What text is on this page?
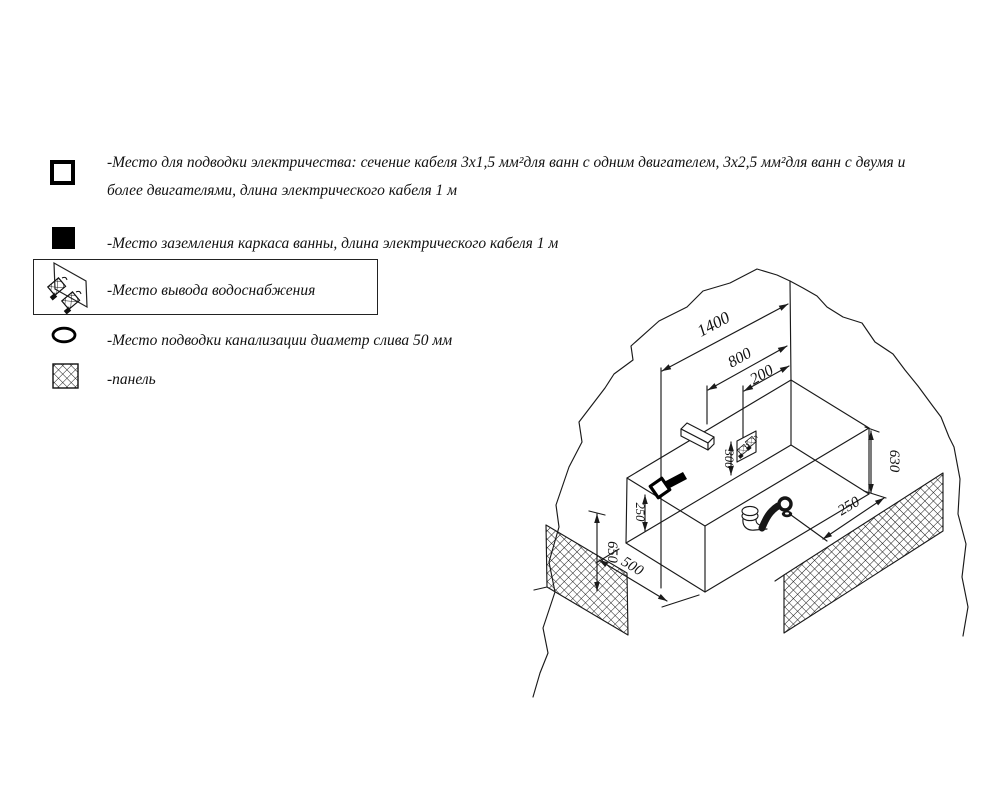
-Место для подводки электричества: сечение кабеля 3х1,5 мм²для ванн с одним двигателем, 3х2,5 мм²для ванн с двумя и более двигателями, длина электрического кабеля 1 м
-Место заземления каркаса ванны, длина электрического кабеля 1 м
-Место вывода водоснабжения
-Место подводки канализации диаметр слива 50 мм
-панель
1400
800
200
300	630
250
650
250
500
